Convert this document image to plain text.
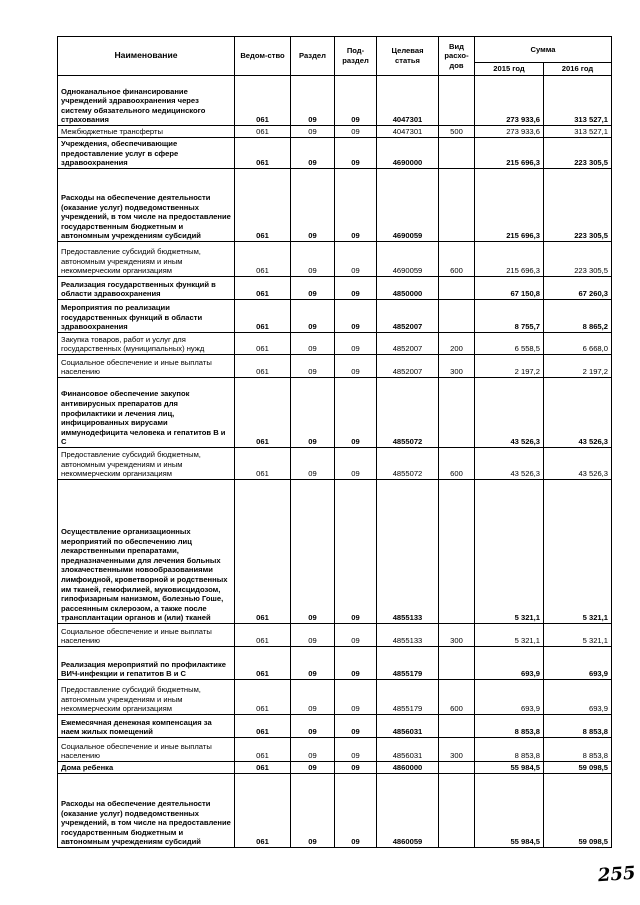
Наименование	Ведом-ство	Раздел	Под-раздел	Целевая статья	Вид расхо-дов	Сумма	
						2015 год	2016 год
Одноканальное финансирование учреждений здравоохранения через систему обязательного медицинского страхования	061	09	09	4047301		273 933,6	313 527,1
Межбюджетные трансферты	061	09	09	4047301	500	273 933,6	313 527,1
Учреждения, обеспечивающие предоставление услуг в сфере здравоохранения	061	09	09	4690000		215 696,3	223 305,5
Расходы на обеспечение деятельности (оказание услуг) подведомственных учреждений, в том числе на предоставление государственным бюджетным и автономным учреждениям субсидий	061	09	09	4690059		215 696,3	223 305,5
Предоставление субсидий бюджетным, автономным учреждениям и иным некоммерческим организациям	061	09	09	4690059	600	215 696,3	223 305,5
Реализация государственных функций в области здравоохранения	061	09	09	4850000		67 150,8	67 260,3
Мероприятия по реализации государственных функций в области здравоохранения	061	09	09	4852007		8 755,7	8 865,2
Закупка товаров, работ и услуг для государственных (муниципальных) нужд	061	09	09	4852007	200	6 558,5	6 668,0
Социальное обеспечение и иные выплаты населению	061	09	09	4852007	300	2 197,2	2 197,2
Финансовое обеспечение закупок антивирусных препаратов для профилактики и лечения лиц, инфицированных вирусами иммунодефицита человека и гепатитов В и С	061	09	09	4855072		43 526,3	43 526,3
Предоставление субсидий бюджетным, автономным учреждениям и иным некоммерческим организациям	061	09	09	4855072	600	43 526,3	43 526,3
Осуществление организационных мероприятий по обеспечению лиц лекарственными препаратами, предназначенными для лечения больных злокачественными новообразованиями лимфоидной, кроветворной и родственных им тканей, гемофилией, муковисцидозом, гипофизарным нанизмом, болезнью Гоше, рассеянным склерозом, а также после трансплантации органов и (или) тканей	061	09	09	4855133		5 321,1	5 321,1
Социальное обеспечение и иные выплаты населению	061	09	09	4855133	300	5 321,1	5 321,1
Реализация мероприятий по профилактике ВИЧ-инфекции и гепатитов В и С	061	09	09	4855179		693,9	693,9
Предоставление субсидий бюджетным, автономным учреждениям и иным некоммерческим организациям	061	09	09	4855179	600	693,9	693,9
Ежемесячная денежная компенсация за наем жилых помещений	061	09	09	4856031		8 853,8	8 853,8
Социальное обеспечение и иные выплаты населению	061	09	09	4856031	300	8 853,8	8 853,8
Дома ребенка	061	09	09	4860000		55 984,5	59 098,5
Расходы на обеспечение деятельности (оказание услуг) подведомственных учреждений, в том числе на предоставление государственным бюджетным и автономным учреждениям субсидий	061	09	09	4860059		55 984,5	59 098,5
255
